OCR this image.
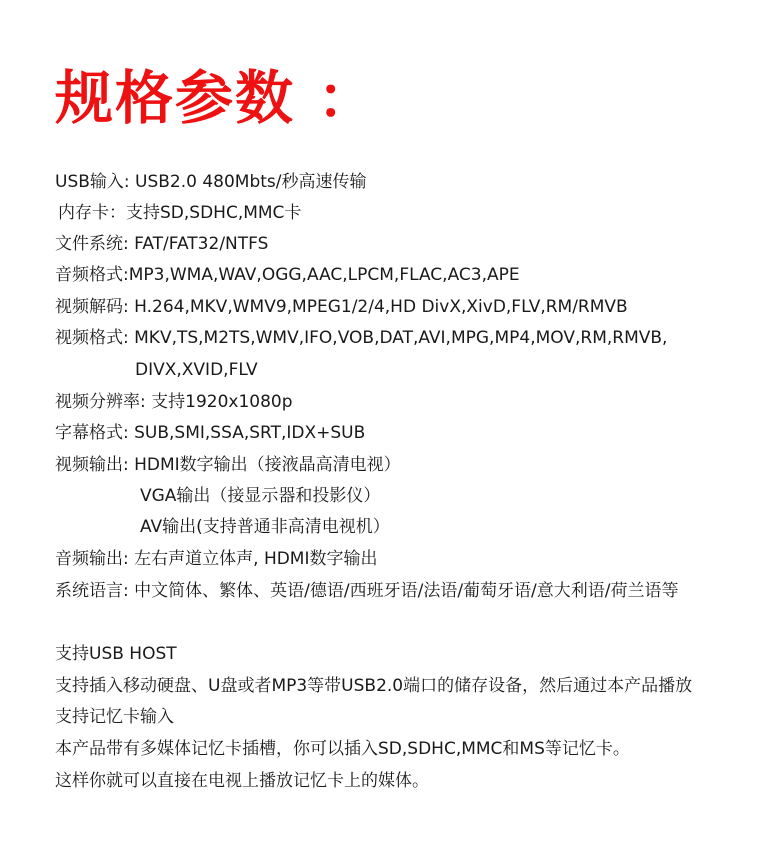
规格参数 ：
USB输入: USB2.0 480Mbts/秒高速传输
内存卡：支持SD,SDHC,MMC卡
文件系统: FAT/FAT32/NTFS
音频格式:MP3,WMA,WAV,OGG,AAC,LPCM,FLAC,AC3,APE
视频解码: H.264,MKV,WMV9,MPEG1/2/4,HD DivX,XivD,FLV,RM/RMVB
视频格式: MKV,TS,M2TS,WMV,IFO,VOB,DAT,AVI,MPG,MP4,MOV,RM,RMVB,
DIVX,XVID,FLV
视频分辨率: 支持1920x1080p
字幕格式: SUB,SMI,SSA,SRT,IDX+SUB
视频输出: HDMI数字输出（接液晶高清电视）
VGA输出（接显示器和投影仪）
AV输出(支持普通非高清电视机）
音频输出: 左右声道立体声, HDMI数字输出
系统语言: 中文简体、繁体、英语/德语/西班牙语/法语/葡萄牙语/意大利语/荷兰语等
支持USB HOST
支持插入移动硬盘、U盘或者MP3等带USB2.0端口的储存设备，然后通过本产品播放
支持记忆卡输入
本产品带有多媒体记忆卡插槽，你可以插入SD,SDHC,MMC和MS等记忆卡。
这样你就可以直接在电视上播放记忆卡上的媒体。
